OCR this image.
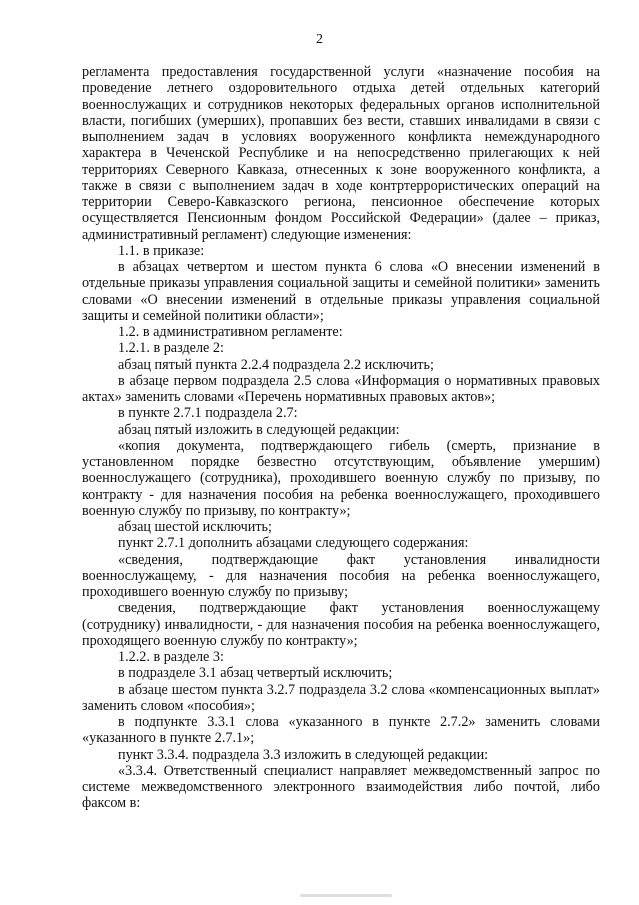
2

регламента предоставления государственной услуги «назначение пособия на проведение летнего оздоровительного отдыха детей отдельных категорий военнослужащих и сотрудников некоторых федеральных органов исполнительной власти, погибших (умерших), пропавших без вести, ставших инвалидами в связи с выполнением задач в условиях вооруженного конфликта немеждународного характера в Чеченской Республике и на непосредственно прилегающих к ней территориях Северного Кавказа, отнесенных к зоне вооруженного конфликта, а также в связи с выполнением задач в ходе контртеррористических операций на территории Северо-Кавказского региона, пенсионное обеспечение которых осуществляется Пенсионным фондом Российской Федерации» (далее – приказ, административный регламент) следующие изменения:

1.1. в приказе:

в абзацах четвертом и шестом пункта 6 слова «О внесении изменений в отдельные приказы управления социальной защиты и семейной политики» заменить словами «О внесении изменений в отдельные приказы управления социальной защиты и семейной политики области»;

1.2. в административном регламенте:

1.2.1. в разделе 2:

абзац пятый пункта 2.2.4 подраздела 2.2 исключить;

в абзаце первом подраздела 2.5 слова «Информация о нормативных правовых актах» заменить словами «Перечень нормативных правовых актов»;

в пункте 2.7.1 подраздела 2.7:

абзац пятый изложить в следующей редакции:

«копия документа, подтверждающего гибель (смерть, признание в установленном порядке безвестно отсутствующим, объявление умершим) военнослужащего (сотрудника), проходившего военную службу по призыву, по контракту - для назначения пособия на ребенка военнослужащего, проходившего военную службу по призыву, по контракту»;

абзац шестой исключить;

пункт 2.7.1 дополнить абзацами следующего содержания:

«сведения, подтверждающие факт установления инвалидности военнослужащему, - для назначения пособия на ребенка военнослужащего, проходившего военную службу по призыву;

сведения, подтверждающие факт установления военнослужащему (сотруднику) инвалидности, - для назначения пособия на ребенка военнослужащего, проходящего военную службу по контракту»;

1.2.2. в разделе 3:

в подразделе 3.1 абзац четвертый исключить;

в абзаце шестом пункта 3.2.7 подраздела 3.2 слова «компенсационных выплат» заменить словом «пособия»;

в подпункте 3.3.1 слова «указанного в пункте 2.7.2» заменить словами «указанного в пункте 2.7.1»;

пункт 3.3.4. подраздела 3.3 изложить в следующей редакции:

«3.3.4. Ответственный специалист направляет межведомственный запрос по системе межведомственного электронного взаимодействия либо почтой, либо факсом в:
